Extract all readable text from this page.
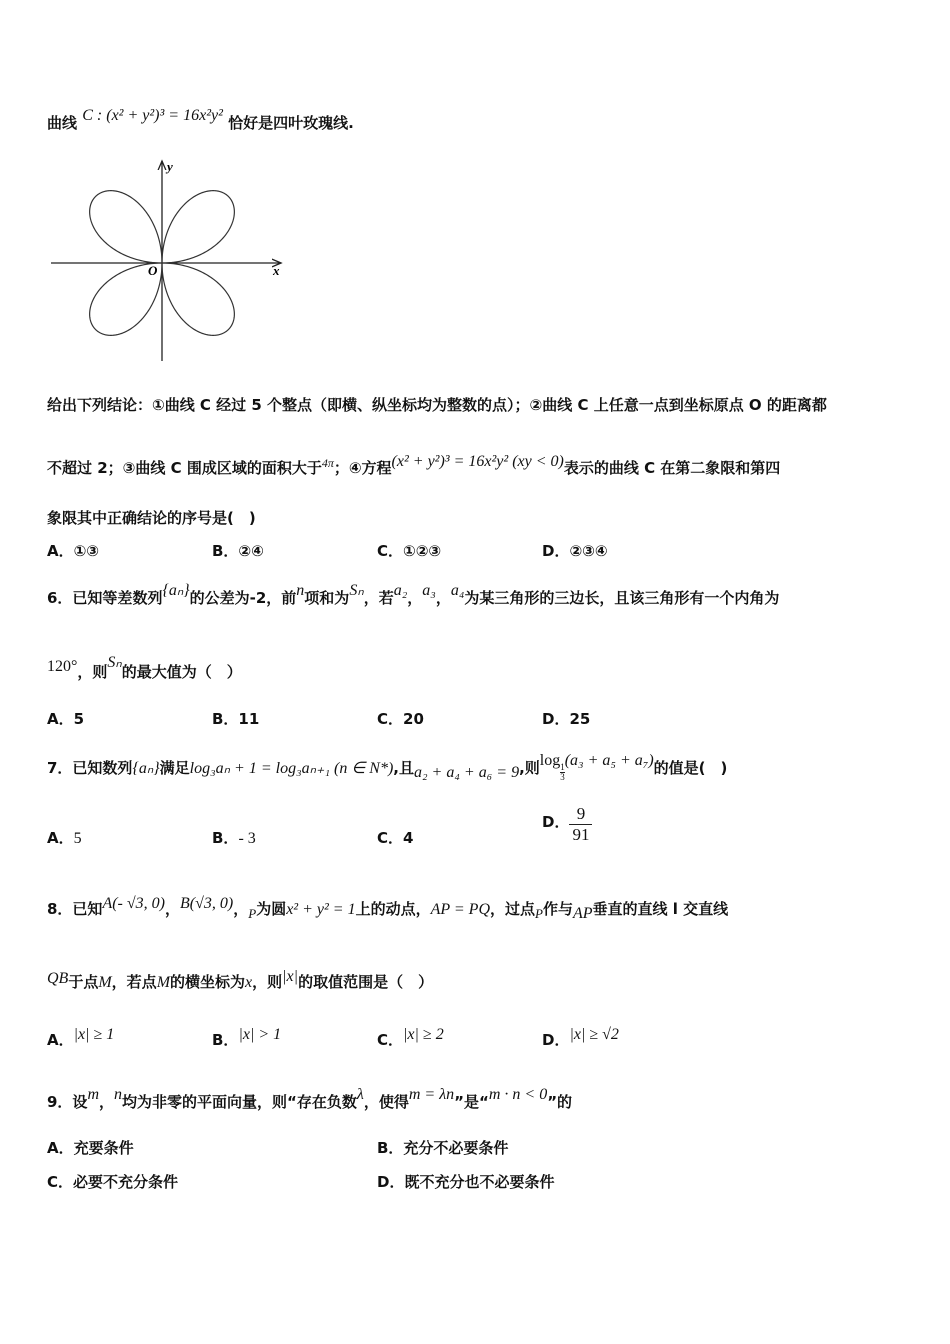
曲线 C : (x² + y²)³ = 16x²y² 恰好是四叶玫瑰线.
y
x
O
给出下列结论：①曲线 C 经过 5 个整点（即横、纵坐标均为整数的点）；②曲线 C 上任意一点到坐标原点 O 的距离都
不超过 2；③曲线 C 围成区域的面积大于$^{4\pi}$；④方程(x² + y²)³ = 16x²y² (xy < 0)表示的曲线 C 在第二象限和第四
象限其中正确结论的序号是(　)
A．①③	B．②④	C．①②③	D．②③④
6．已知等差数列{aₙ}的公差为-2，前n项和为Sₙ，若a₂，a₃，a₄为某三角形的三边长，且该三角形有一个内角为
120°，则Sₙ的最大值为（　）
A．5	B．11	C．20	D．25
7．已知数列{aₙ}满足log₃aₙ + 1 = log₃aₙ₊₁ (n ∈ N*),且a₂ + a₄ + a₆ = 9,则log
$\frac{1}{3}$
(a₃ + a₅ + a₇)的值是(　)
A．5	B．- 3	C．4
D． $\frac{9}{91}$
8．已知A(- √3, 0)，B(√3, 0)，P为圆x² + y² = 1上的动点，AP = PQ，过点P作与AP垂直的直线 l 交直线
QB于点M，若点M的横坐标为x，则|x|的取值范围是（　）
A．|x| ≥ 1	B．|x| > 1	C．|x| ≥ 2	D．|x| ≥ √2
9．设m，n均为非零的平面向量，则“存在负数λ，使得m = λn”是“m · n < 0”的
A．充要条件	B．充分不必要条件
C．必要不充分条件	D．既不充分也不必要条件
